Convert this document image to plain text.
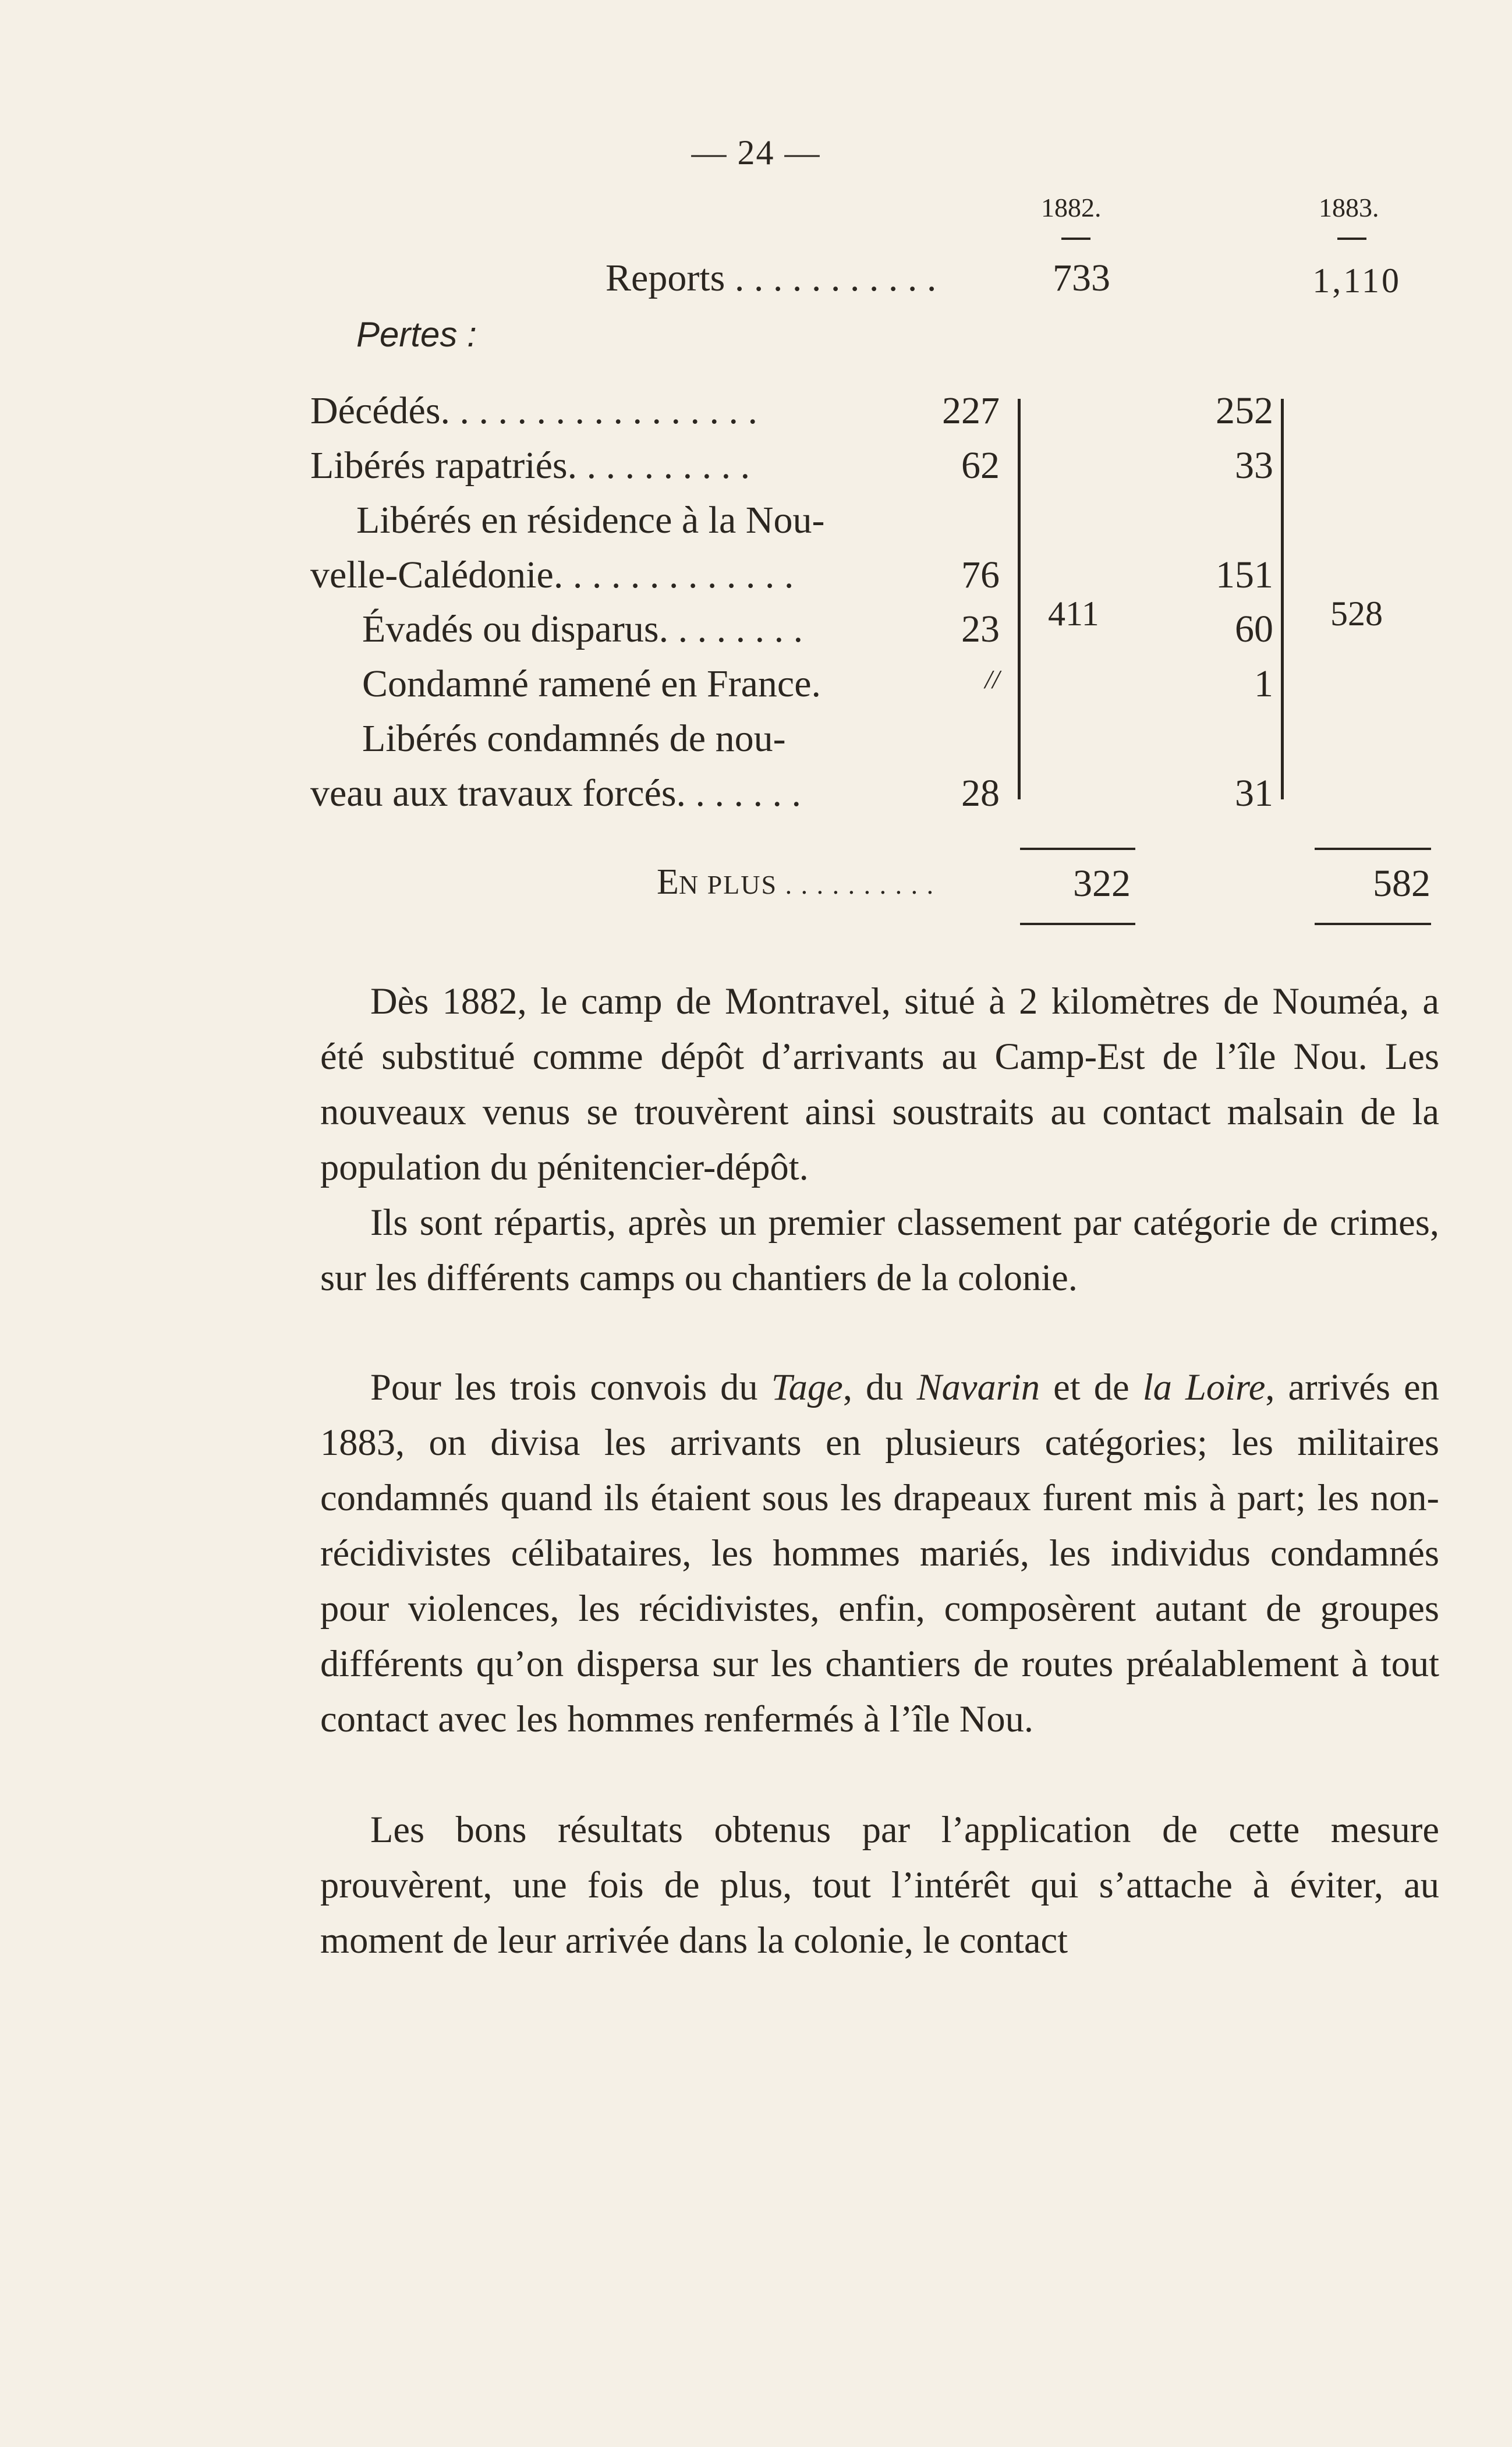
— 24 —
1882.	1883.
Reports . . . . . . . . . . .	733	1,110
Pertes :
Décédés. . . . . . . . . . . . . . . . .	227	252
Libérés rapatriés. . . . . . . . . .	62	33
Libérés en résidence à la Nou-
velle-Calédonie. . . . . . . . . . . . .	76	151
Évadés ou disparus. . . . . . . .	23	60
Condamné ramené en France.	//	1
Libérés condamnés de nou-
veau aux travaux forcés. . . . . . .	28	31
411	528
EN PLUS . . . . . . . . . .	322	582
Dès 1882, le camp de Montravel, situé à 2 kilomètres de Nouméa, a été substitué comme dépôt d’arrivants au Camp-Est de l’île Nou. Les nouveaux venus se trouvèrent ainsi soustraits au contact malsain de la population du pénitencier-dépôt.
Ils sont répartis, après un premier classement par catégorie de crimes, sur les différents camps ou chantiers de la colonie.
Pour les trois convois du Tage, du Navarin et de la Loire, arrivés en 1883, on divisa les arrivants en plusieurs catégories; les militaires condamnés quand ils étaient sous les drapeaux furent mis à part; les non-récidivistes célibataires, les hommes mariés, les individus condamnés pour violences, les récidivistes, enfin, composèrent autant de groupes différents qu’on dispersa sur les chantiers de routes préalablement à tout contact avec les hommes renfermés à l’île Nou.
Les bons résultats obtenus par l’application de cette mesure prouvèrent, une fois de plus, tout l’intérêt qui s’attache à éviter, au moment de leur arrivée dans la colonie, le contact
